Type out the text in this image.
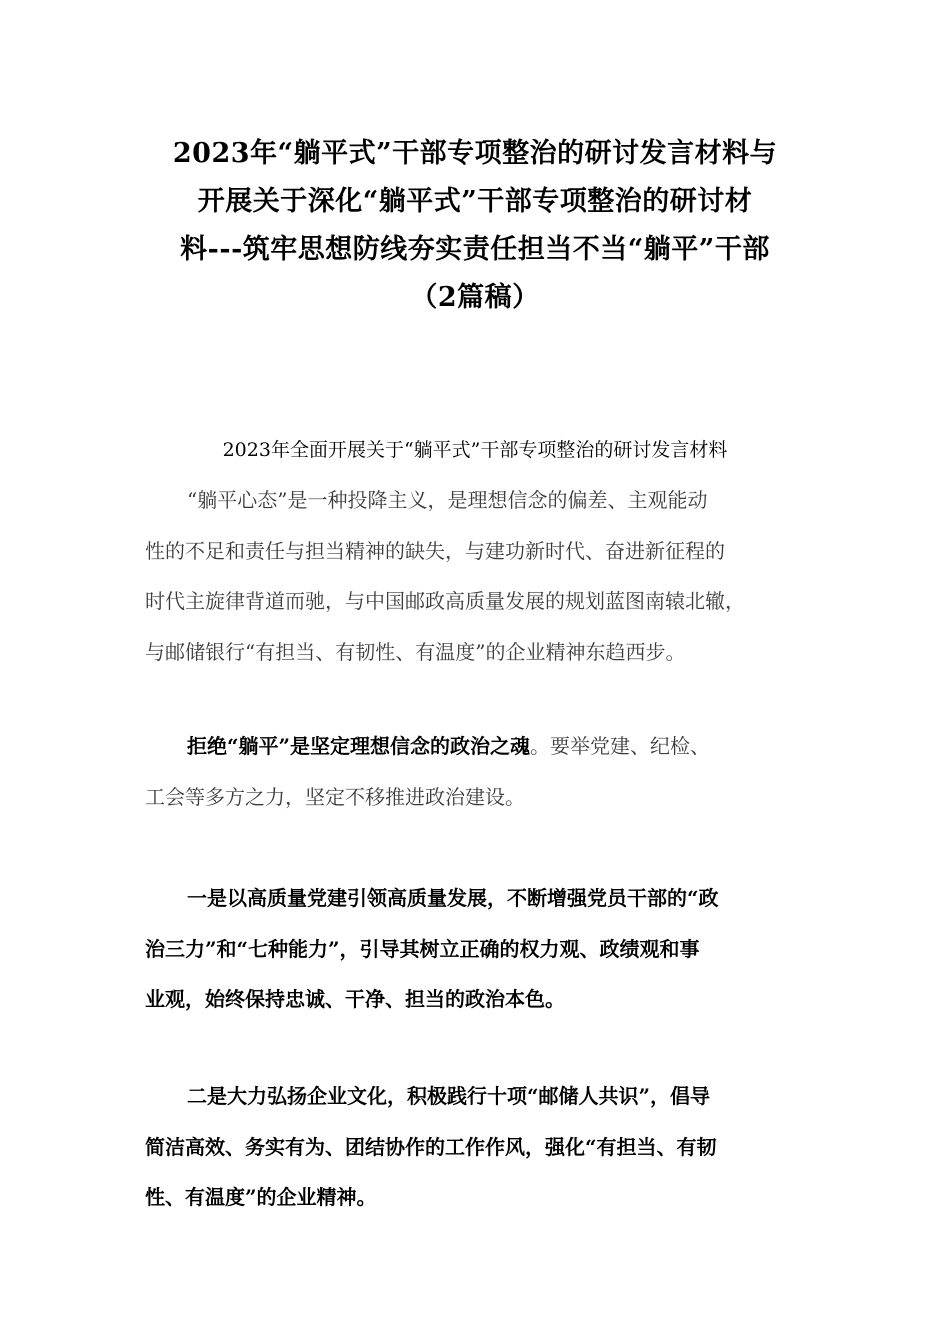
2023年“躺平式”干部专项整治的研讨发言材料与
开展关于深化“躺平式”干部专项整治的研讨材
料---筑牢思想防线夯实责任担当不当“躺平”干部
（2篇稿）
2023年全面开展关于“躺平式”干部专项整治的研讨发言材料
“躺平心态”是一种投降主义，是理想信念的偏差、主观能动
性的不足和责任与担当精神的缺失，与建功新时代、奋进新征程的
时代主旋律背道而驰，与中国邮政高质量发展的规划蓝图南辕北辙，
与邮储银行“有担当、有韧性、有温度”的企业精神东趋西步。
拒绝“躺平”是坚定理想信念的政治之魂。要举党建、纪检、
工会等多方之力，坚定不移推进政治建设。
一是以高质量党建引领高质量发展，不断增强党员干部的“政
治三力”和“七种能力”，引导其树立正确的权力观、政绩观和事
业观，始终保持忠诚、干净、担当的政治本色。
二是大力弘扬企业文化，积极践行十项“邮储人共识”，倡导
简洁高效、务实有为、团结协作的工作作风，强化“有担当、有韧
性、有温度”的企业精神。
